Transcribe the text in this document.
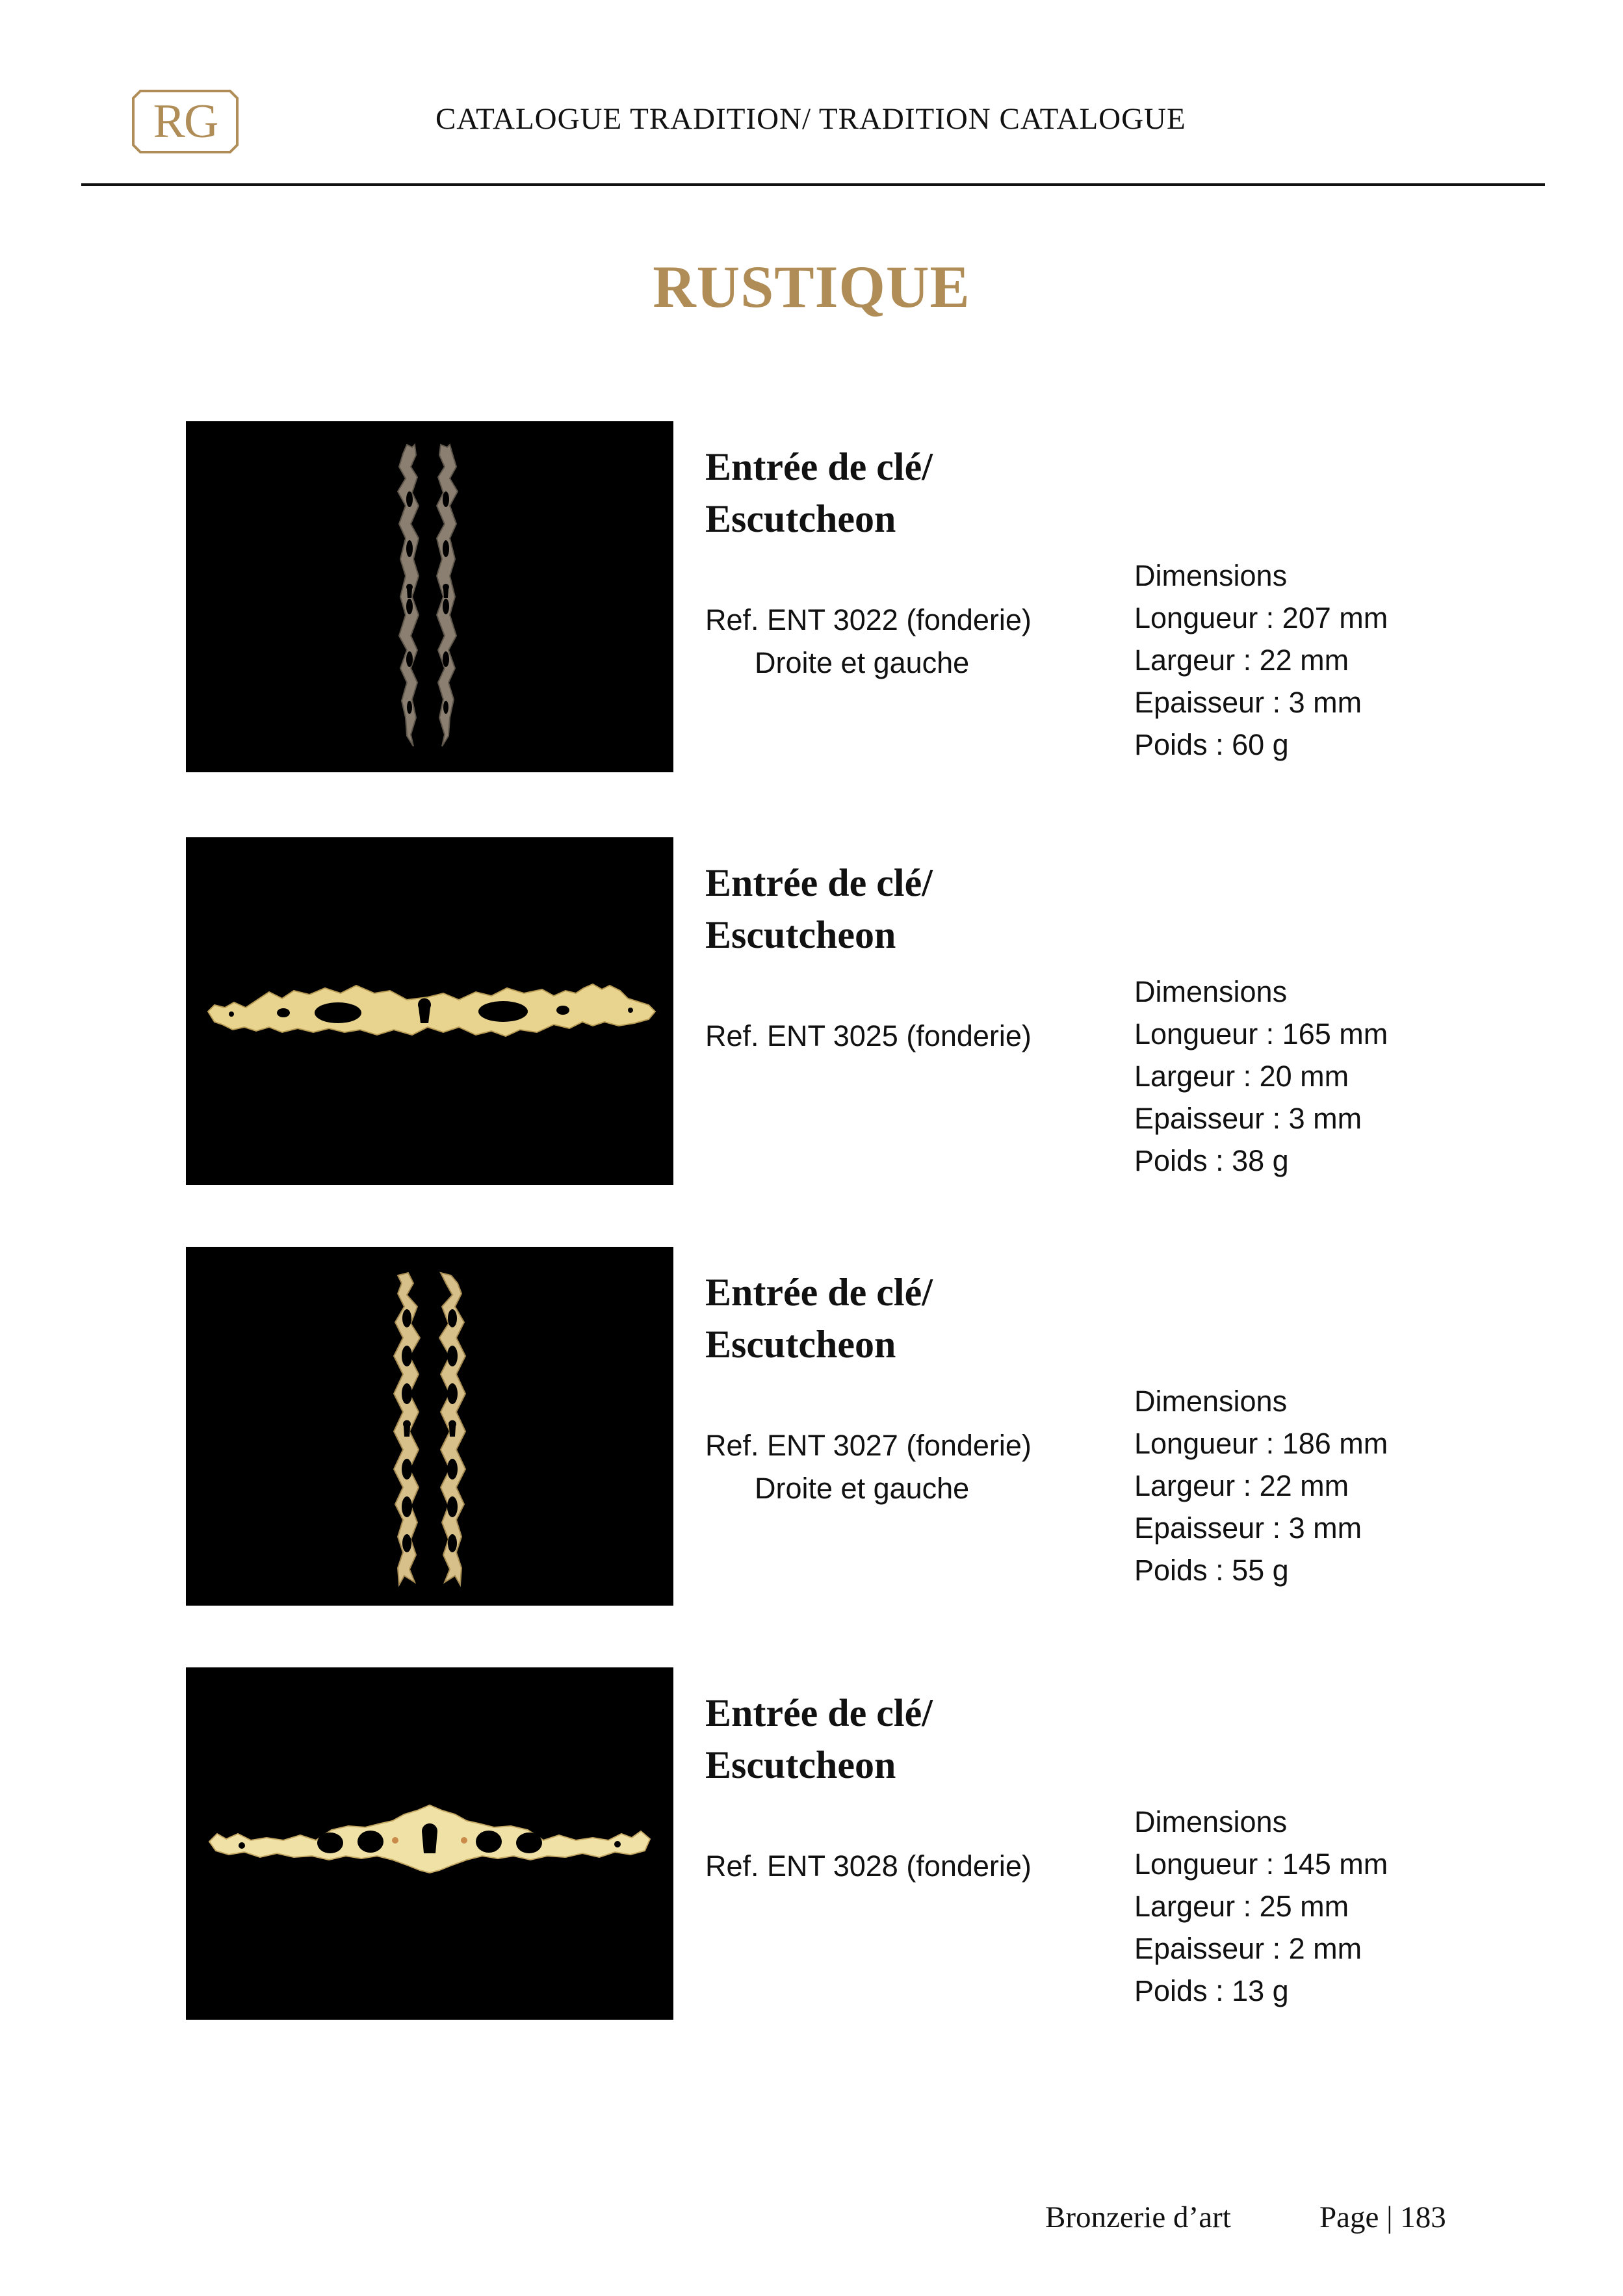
RG	CATALOGUE TRADITION/ TRADITION CATALOGUE
RUSTIQUE
Entrée de clé/
Escutcheon
Ref. ENT 3022 (fonderie)
Droite et gauche
Dimensions
Longueur : 207 mm
Largeur : 22 mm
Epaisseur : 3 mm
Poids : 60 g
Entrée de clé/
Escutcheon
Ref. ENT 3025 (fonderie)
Dimensions
Longueur : 165 mm
Largeur : 20 mm
Epaisseur : 3 mm
Poids : 38 g
Entrée de clé/
Escutcheon
Ref. ENT 3027 (fonderie)
Droite et gauche
Dimensions
Longueur : 186 mm
Largeur : 22 mm
Epaisseur : 3 mm
Poids : 55 g
Entrée de clé/
Escutcheon
Ref. ENT 3028 (fonderie)
Dimensions
Longueur : 145 mm
Largeur : 25 mm
Epaisseur : 2 mm
Poids : 13 g
Bronzerie d’art	Page | 183
